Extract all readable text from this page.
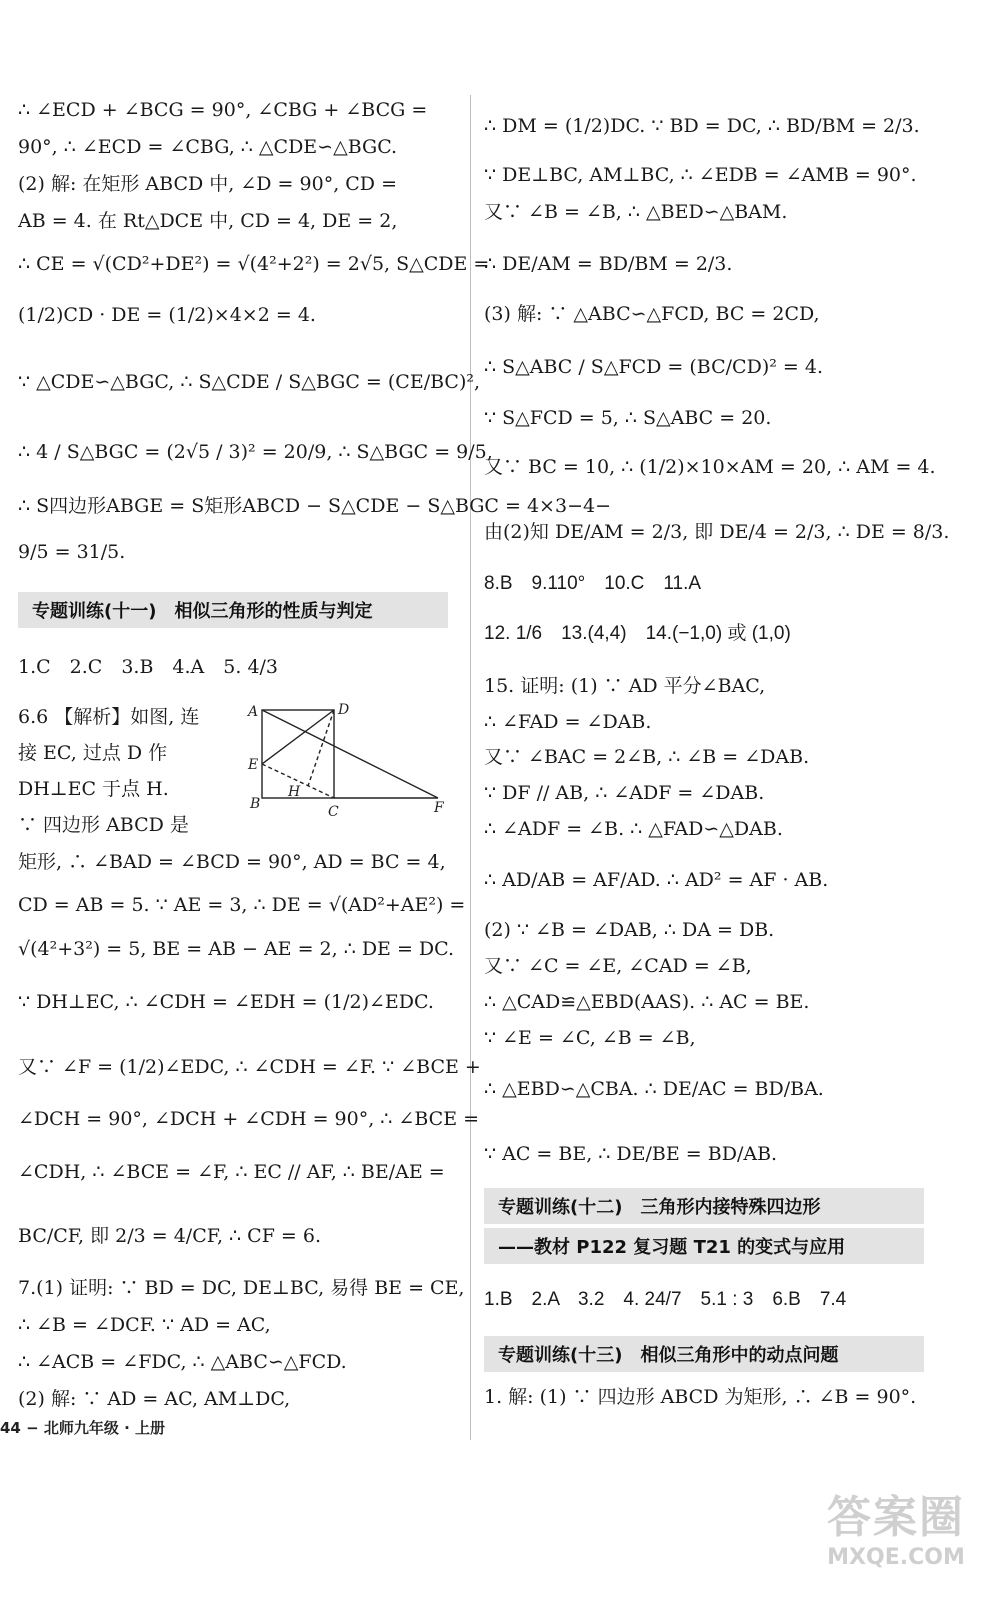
∴ ∠ECD + ∠BCG = 90°, ∠CBG + ∠BCG =
90°, ∴ ∠ECD = ∠CBG, ∴ △CDE∽△BGC.
(2) 解: 在矩形 ABCD 中, ∠D = 90°, CD =
AB = 4. 在 Rt△DCE 中, CD = 4, DE = 2,
∴ CE = √(CD²+DE²) = √(4²+2²) = 2√5, S△CDE =
(1/2)CD · DE = (1/2)×4×2 = 4.
∵ △CDE∽△BGC, ∴ S△CDE / S△BGC = (CE/BC)²,
∴ 4 / S△BGC = (2√5 / 3)² = 20/9, ∴ S△BGC = 9/5,
∴ S四边形ABGE = S矩形ABCD − S△CDE − S△BGC = 4×3−4−
9/5 = 31/5.
1.C　2.C　3.B　4.A　5. 4/3
6.6 【解析】如图, 连
接 EC, 过点 D 作
DH⊥EC 于点 H.
∵ 四边形 ABCD 是
矩形, ∴ ∠BAD = ∠BCD = 90°, AD = BC = 4,
CD = AB = 5. ∵ AE = 3, ∴ DE = √(AD²+AE²) =
√(4²+3²) = 5, BE = AB − AE = 2, ∴ DE = DC.
∵ DH⊥EC, ∴ ∠CDH = ∠EDH = (1/2)∠EDC.
又∵ ∠F = (1/2)∠EDC, ∴ ∠CDH = ∠F. ∵ ∠BCE +
∠DCH = 90°, ∠DCH + ∠CDH = 90°, ∴ ∠BCE =
∠CDH, ∴ ∠BCE = ∠F, ∴ EC // AF, ∴ BE/AE =
BC/CF, 即 2/3 = 4/CF, ∴ CF = 6.
7.(1) 证明: ∵ BD = DC, DE⊥BC, 易得 BE = CE,
∴ ∠B = ∠DCF. ∵ AD = AC,
∴ ∠ACB = ∠FDC, ∴ △ABC∽△FCD.
(2) 解: ∵ AD = AC, AM⊥DC,
∴ DM = (1/2)DC. ∵ BD = DC, ∴ BD/BM = 2/3.
∵ DE⊥BC, AM⊥BC, ∴ ∠EDB = ∠AMB = 90°.
又∵ ∠B = ∠B, ∴ △BED∽△BAM.
∴ DE/AM = BD/BM = 2/3.
(3) 解: ∵ △ABC∽△FCD, BC = 2CD,
∴ S△ABC / S△FCD = (BC/CD)² = 4.
∵ S△FCD = 5, ∴ S△ABC = 20.
又∵ BC = 10, ∴ (1/2)×10×AM = 20, ∴ AM = 4.
由(2)知 DE/AM = 2/3, 即 DE/4 = 2/3, ∴ DE = 8/3.
8.B　9.110°　10.C　11.A
12. 1/6　13.(4,4)　14.(−1,0) 或 (1,0)
15. 证明: (1) ∵ AD 平分∠BAC,
∴ ∠FAD = ∠DAB.
又∵ ∠BAC = 2∠B, ∴ ∠B = ∠DAB.
∵ DF // AB, ∴ ∠ADF = ∠DAB.
∴ ∠ADF = ∠B. ∴ △FAD∽△DAB.
∴ AD/AB = AF/AD. ∴ AD² = AF · AB.
(2) ∵ ∠B = ∠DAB, ∴ DA = DB.
又∵ ∠C = ∠E, ∠CAD = ∠B,
∴ △CAD≌△EBD(AAS). ∴ AC = BE.
∵ ∠E = ∠C, ∠B = ∠B,
∴ △EBD∽△CBA. ∴ DE/AC = BD/BA.
∵ AC = BE, ∴ DE/BE = BD/AB.
1.B　2.A　3.2　4. 24/7　5.1 : 3　6.B　7.4
1. 解: (1) ∵ 四边形 ABCD 为矩形, ∴ ∠B = 90°.
专题训练(十一)　相似三角形的性质与判定
专题训练(十二)　三角形内接特殊四边形
——教材 P122 复习题 T21 的变式与应用
专题训练(十三)　相似三角形中的动点问题
A	D
E
B	C	F
H
44 − 北师九年级 · 上册
答案圈
MXQE.COM
